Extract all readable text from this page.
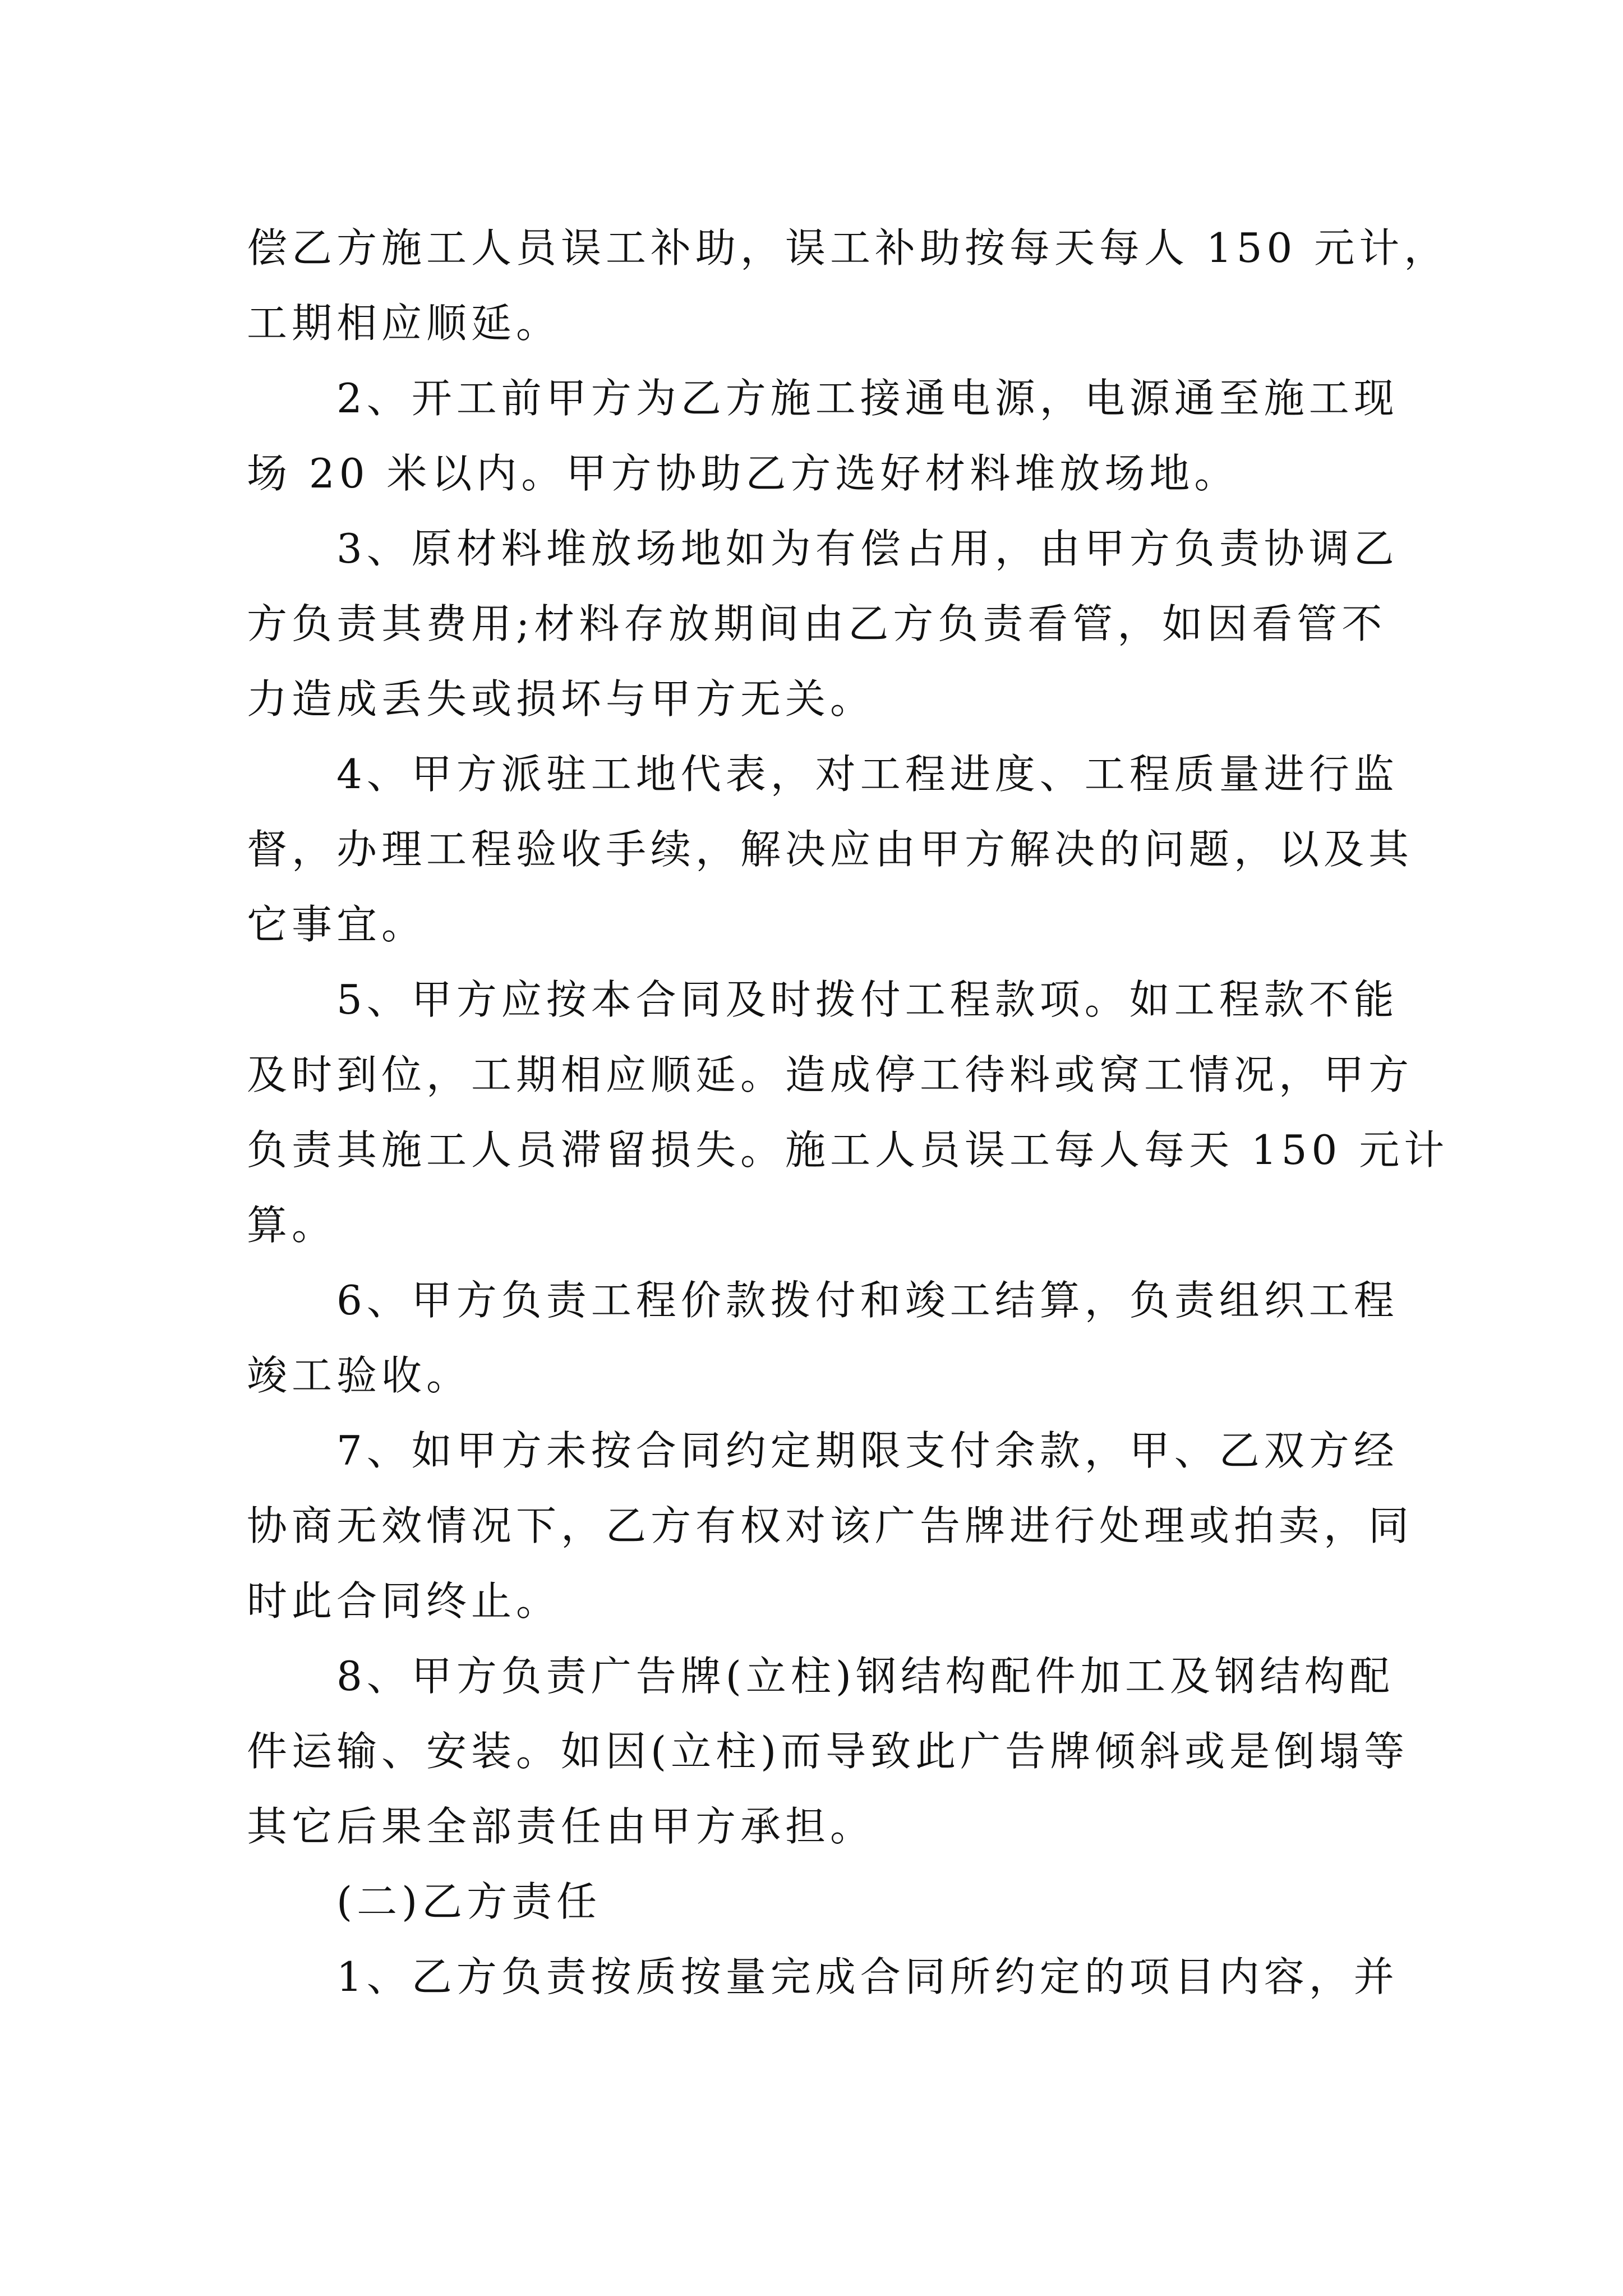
偿乙方施工人员误工补助，误工补助按每天每人 150 元计，
工期相应顺延。
2、开工前甲方为乙方施工接通电源，电源通至施工现
场 20 米以内。甲方协助乙方选好材料堆放场地。
3、原材料堆放场地如为有偿占用，由甲方负责协调乙
方负责其费用;材料存放期间由乙方负责看管，如因看管不
力造成丢失或损坏与甲方无关。
4、甲方派驻工地代表，对工程进度、工程质量进行监
督，办理工程验收手续，解决应由甲方解决的问题，以及其
它事宜。
5、甲方应按本合同及时拨付工程款项。如工程款不能
及时到位，工期相应顺延。造成停工待料或窝工情况，甲方
负责其施工人员滞留损失。施工人员误工每人每天 150 元计
算。
6、甲方负责工程价款拨付和竣工结算，负责组织工程
竣工验收。
7、如甲方未按合同约定期限支付余款，甲、乙双方经
协商无效情况下，乙方有权对该广告牌进行处理或拍卖，同
时此合同终止。
8、甲方负责广告牌(立柱)钢结构配件加工及钢结构配
件运输、安装。如因(立柱)而导致此广告牌倾斜或是倒塌等
其它后果全部责任由甲方承担。
(二)乙方责任
1、乙方负责按质按量完成合同所约定的项目内容，并
